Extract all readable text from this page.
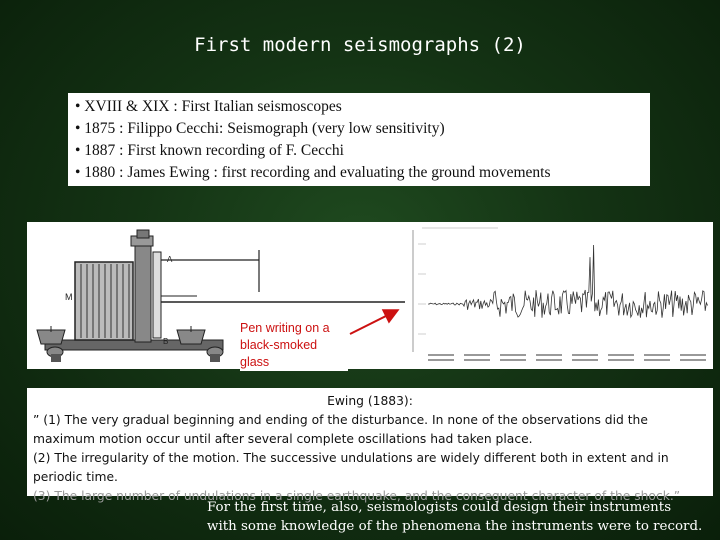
First modern seismographs (2)
• XVIII & XIX : First Italian seismoscopes
• 1875 : Filippo Cecchi: Seismograph (very low sensitivity)
• 1887 : First known recording of F. Cecchi
• 1880 : James Ewing : first recording and evaluating the ground movements
A
M
B
Pen writing on a black-smoked glass
Ewing (1883):
” (1) The very gradual beginning and ending of the disturbance. In none of the observations did the
maximum motion occur until after several complete oscillations had taken place.
(2) The irregularity of the motion. The successive undulations are widely different both in extent and in
periodic time.
(3) The large number of undulations in a single earthquake, and the consequent character of the shock.”
For the first time, also, seismologists could design their instruments
with some knowledge of the phenomena the instruments were to record.
